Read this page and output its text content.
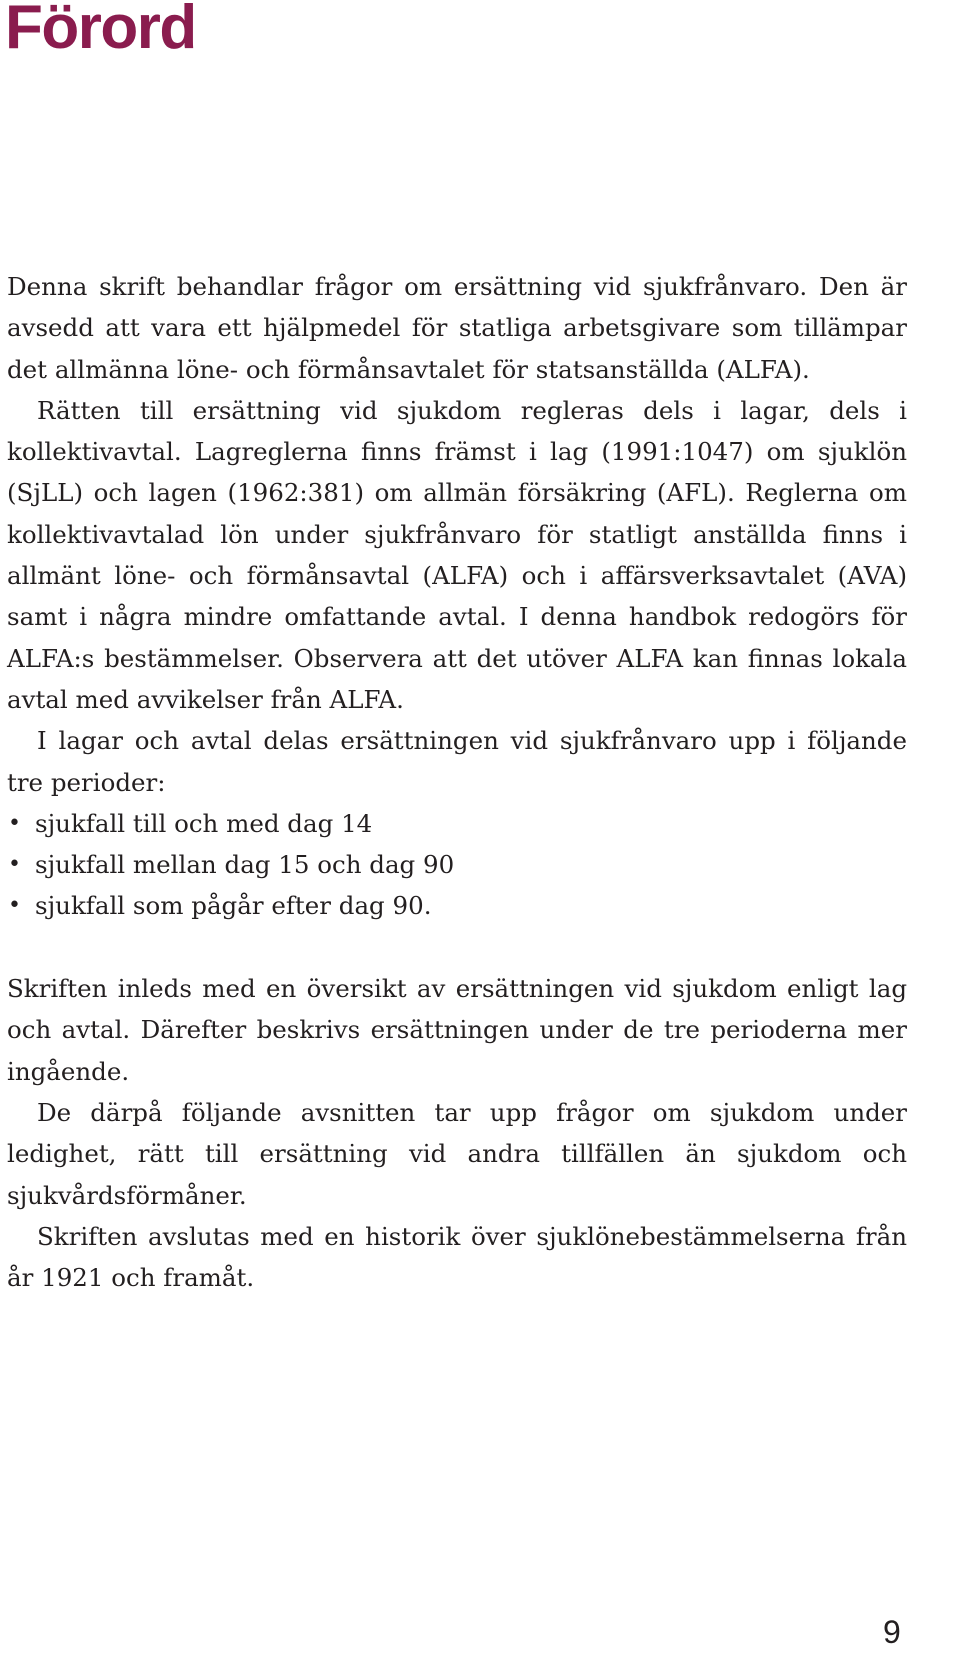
Förord

Denna skrift behandlar frågor om ersättning vid sjukfrånvaro. Den är avsedd att vara ett hjälpmedel för statliga arbetsgivare som tillämpar det allmänna löne- och förmånsavtalet för statsanställda (ALFA).

Rätten till ersättning vid sjukdom regleras dels i lagar, dels i kollektivavtal. Lagreglerna finns främst i lag (1991:1047) om sjuklön (SjLL) och lagen (1962:381) om allmän försäkring (AFL). Reglerna om kollektivavtalad lön under sjukfrånvaro för statligt anställda finns i allmänt löne- och förmånsavtal (ALFA) och i affärsverksavtalet (AVA) samt i några mindre omfattande avtal. I denna handbok redogörs för ALFA:s bestämmelser. Observera att det utöver ALFA kan finnas lokala avtal med avvikelser från ALFA.

I lagar och avtal delas ersättningen vid sjukfrånvaro upp i följande tre perioder:

• sjukfall till och med dag 14
• sjukfall mellan dag 15 och dag 90
• sjukfall som pågår efter dag 90.

Skriften inleds med en översikt av ersättningen vid sjukdom enligt lag och avtal. Därefter beskrivs ersättningen under de tre perioderna mer ingående.

De därpå följande avsnitten tar upp frågor om sjukdom under ledighet, rätt till ersättning vid andra tillfällen än sjukdom och sjukvårdsförmåner.

Skriften avslutas med en historik över sjuklönebestämmelserna från år 1921 och framåt.

9
